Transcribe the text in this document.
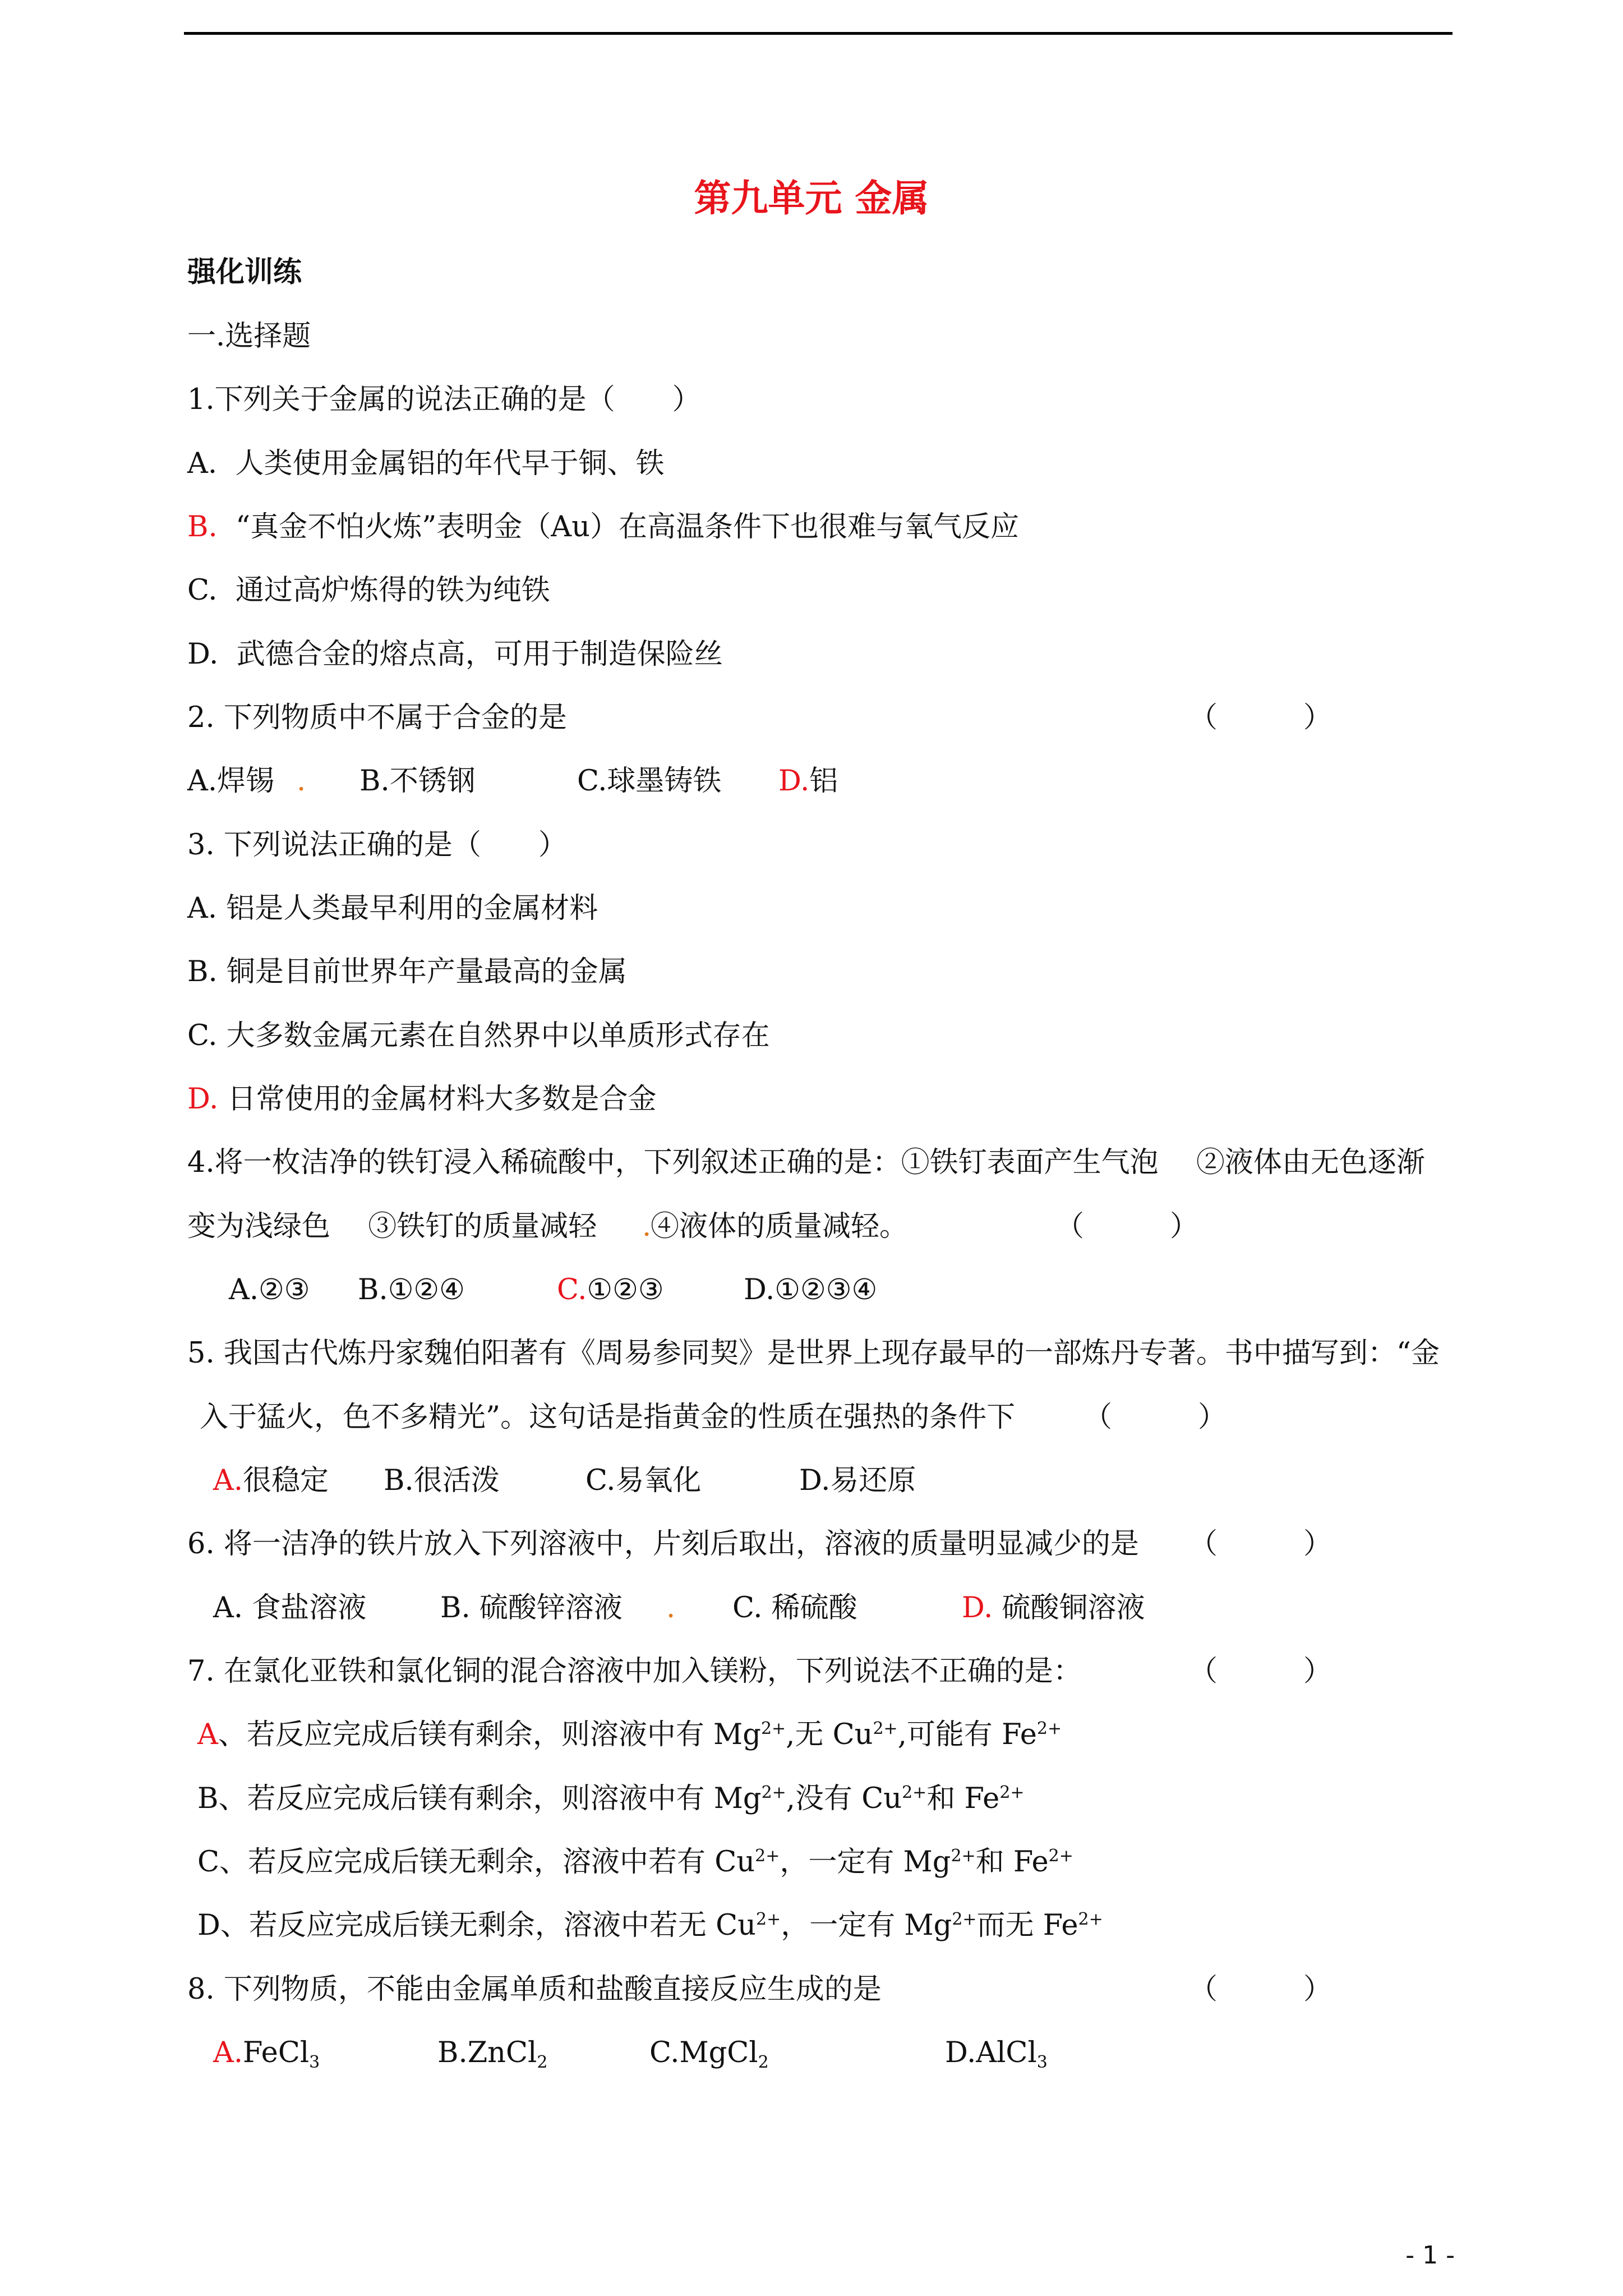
第九单元 金属
强化训练
一.选择题
1.下列关于金属的说法正确的是（　　）
A.  人类使用金属铝的年代早于铜、铁
B.  “真金不怕火炼”表明金（Au）在高温条件下也很难与氧气反应
C.  通过高炉炼得的铁为纯铁
D.  武德合金的熔点高，可用于制造保险丝
2. 下列物质中不属于合金的是	（　　　）

A.焊锡

.

B.不锈钢

	C.球墨铸铁

D.铝

3. 下列说法正确的是（　　）
A. 铝是人类最早利用的金属材料
B. 铜是目前世界年产量最高的金属
C. 大多数金属元素在自然界中以单质形式存在
D. 日常使用的金属材料大多数是合金
4.将一枚洁净的铁钉浸入稀硫酸中，下列叙述正确的是：①铁钉表面产生气泡　 ②液体由无色逐渐

变为浅绿色　 ③铁钉的质量减轻

.

④液体的质量减轻。

	（　　　）

A.②③

B.①②④

	C.①②③

	D.①②③④

5. 我国古代炼丹家魏伯阳著有《周易参同契》是世界上现存最早的一部炼丹专著。书中描写到：“金
入于猛火，色不多精光”。这句话是指黄金的性质在强热的条件下 （　　　）

A.很稳定

B.很活泼

	C.易氧化

	D.易还原

6. 将一洁净的铁片放入下列溶液中，片刻后取出，溶液的质量明显减少的是 （　　　）

A. 食盐溶液

	B. 硫酸锌溶液

.

C. 稀硫酸

	D. 硫酸铜溶液

7. 在氯化亚铁和氯化铜的混合溶液中加入镁粉，下列说法不正确的是：	（　　　）
A、若反应完成后镁有剩余，则溶液中有 $Mg^{2+}$,无 $Cu^{2+}$,可能有 $Fe^{2+}$
B、若反应完成后镁有剩余，则溶液中有 $Mg^{2+}$,没有 $Cu^{2+}$和 $Fe^{2+}$
C、若反应完成后镁无剩余，溶液中若有 $Cu^{2+}$，一定有 $Mg^{2+}$和 $Fe^{2+}$
D、若反应完成后镁无剩余，溶液中若无 $Cu^{2+}$，一定有 $Mg^{2+}$而无 $Fe^{2+}$
8. 下列物质，不能由金属单质和盐酸直接反应生成的是	（　　　）

A.FeCl$_3$

	B.ZnCl$_2$

	C.MgCl$_2$

	D.AlCl$_3$

- 1 -
